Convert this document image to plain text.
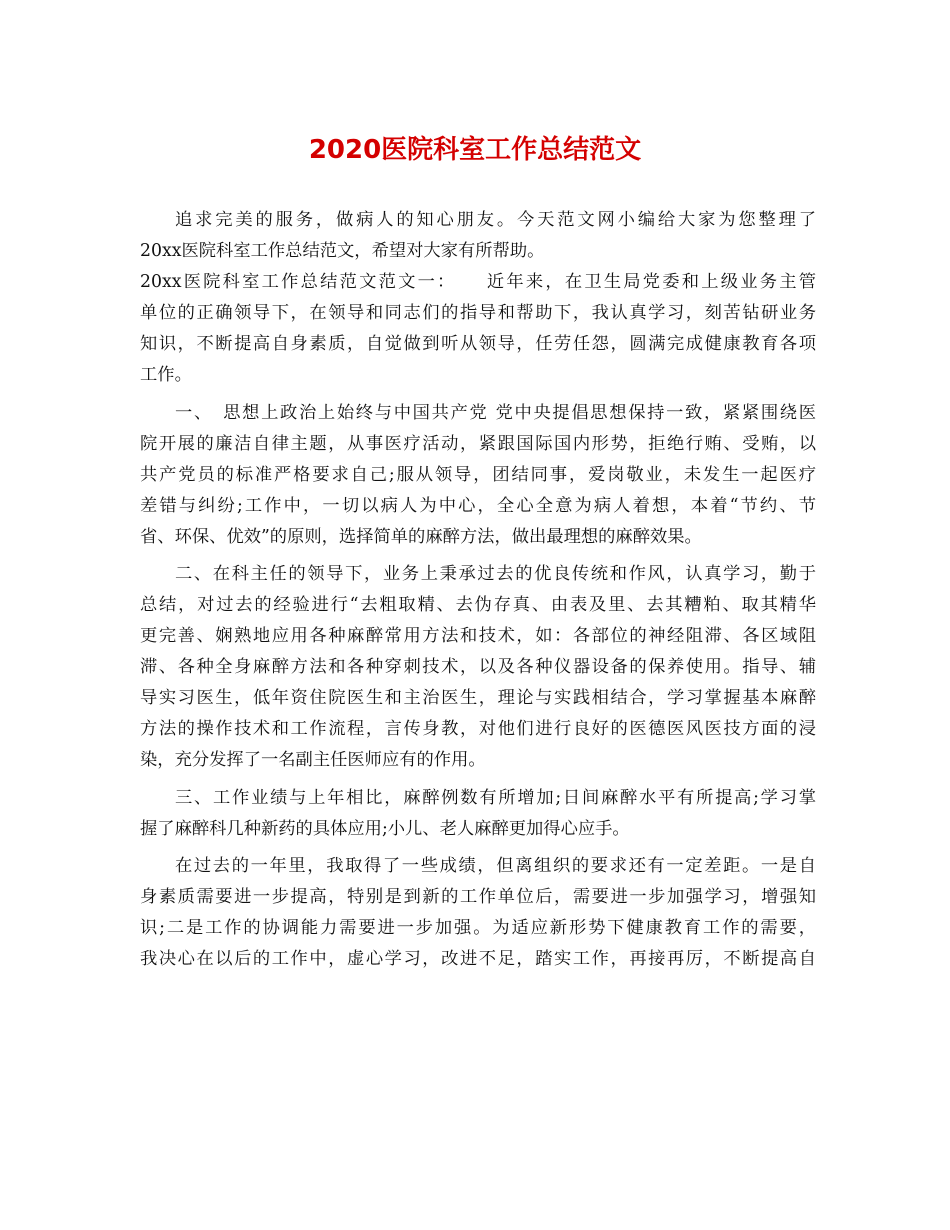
2020医院科室工作总结范文
追求完美的服务，做病人的知心朋友。今天范文网小编给大家为您整理了
20xx医院科室工作总结范文，希望对大家有所帮助。
20xx医院科室工作总结范文范文一：　　近年来，在卫生局党委和上级业务主管
单位的正确领导下，在领导和同志们的指导和帮助下，我认真学习，刻苦钻研业务
知识，不断提高自身素质，自觉做到听从领导，任劳任怨，圆满完成健康教育各项
工作。
一、　思想上政治上始终与中国共产党 党中央提倡思想保持一致，紧紧围绕医
院开展的廉洁自律主题，从事医疗活动，紧跟国际国内形势，拒绝行贿、受贿，以
共产党员的标准严格要求自己;服从领导，团结同事，爱岗敬业，未发生一起医疗
差错与纠纷;工作中，一切以病人为中心，全心全意为病人着想，本着“节约、节
省、环保、优效”的原则，选择简单的麻醉方法，做出最理想的麻醉效果。
二、在科主任的领导下，业务上秉承过去的优良传统和作风，认真学习，勤于
总结，对过去的经验进行“去粗取精、去伪存真、由表及里、去其糟粕、取其精华
更完善、娴熟地应用各种麻醉常用方法和技术，如：各部位的神经阻滞、各区域阻
滞、各种全身麻醉方法和各种穿刺技术，以及各种仪器设备的保养使用。指导、辅
导实习医生，低年资住院医生和主治医生，理论与实践相结合，学习掌握基本麻醉
方法的操作技术和工作流程，言传身教，对他们进行良好的医德医风医技方面的浸
染，充分发挥了一名副主任医师应有的作用。
三、工作业绩与上年相比，麻醉例数有所增加;日间麻醉水平有所提高;学习掌
握了麻醉科几种新药的具体应用;小儿、老人麻醉更加得心应手。
在过去的一年里，我取得了一些成绩，但离组织的要求还有一定差距。一是自
身素质需要进一步提高，特别是到新的工作单位后，需要进一步加强学习，增强知
识;二是工作的协调能力需要进一步加强。为适应新形势下健康教育工作的需要，
我决心在以后的工作中，虚心学习，改进不足，踏实工作，再接再厉，不断提高自
